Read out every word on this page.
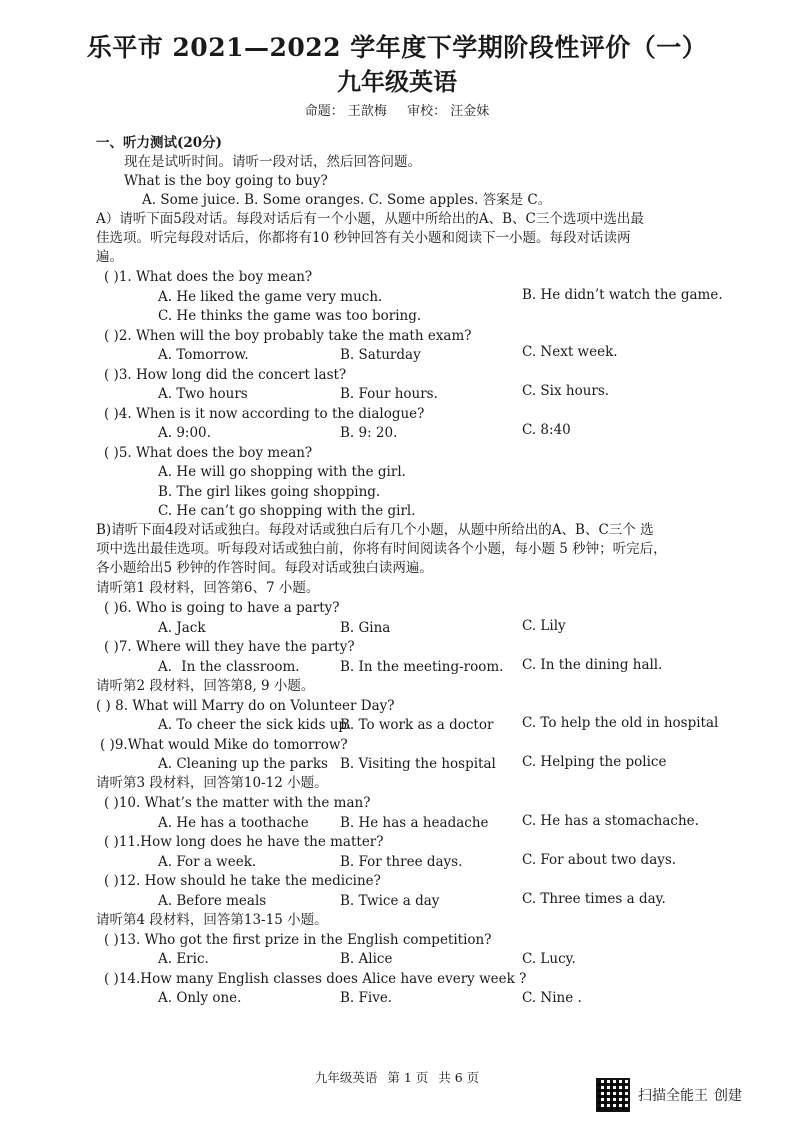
乐平市 2021—2022 学年度下学期阶段性评价（一）
九年级英语
命题： 王歆梅 审校： 汪金妹
一、听力测试(20分)
现在是试听时间。请听一段对话，然后回答问题。
What is the boy going to buy?
A. Some juice. B. Some oranges. C. Some apples. 答案是 C。
A）请听下面5段对话。每段对话后有一个小题，从题中所给出的A、B、C三个选项中选出最
佳选项。听完每段对话后，你都将有10 秒钟回答有关小题和阅读下一小题。每段对话读两
遍。
( )1. What does the boy mean?
A. He liked the game very much.	B. He didn’t watch the game.
C. He thinks the game was too boring.
( )2. When will the boy probably take the math exam?
A. Tomorrow.	B. Saturday	C. Next week.
( )3. How long did the concert last?
A. Two hours	B. Four hours.	C. Six hours.
( )4. When is it now according to the dialogue?
A. 9:00.	B. 9: 20.	C. 8:40
( )5. What does the boy mean?
A. He will go shopping with the girl.
B. The girl likes going shopping.
C. He can’t go shopping with the girl.
B)请听下面4段对话或独白。每段对话或独白后有几个小题，从题中所给出的A、B、C三个 选
项中选出最佳选项。听每段对话或独白前，你将有时间阅读各个小题，每小题 5 秒钟；听完后，
各小题给出5 秒钟的作答时间。每段对话或独白读两遍。
请听第1 段材料，回答第6、7 小题。
( )6. Who is going to have a party?
A. Jack	B. Gina	C. Lily
( )7. Where will they have the party?
A．In the classroom.	B. In the meeting-room. C. In the dining hall.
请听第2 段材料，回答第8, 9 小题。
( ) 8. What will Marry do on Volunteer Day?
A. To cheer the sick kids up.
B. To work as a doctor C. To help the old in hospital
( )9.What would Mike do tomorrow?
A. Cleaning up the parks B. Visiting the hospital C. Helping the police
请听第3 段材料，回答第10-12 小题。
( )10. What’s the matter with the man?
A. He has a toothache B. He has a headache C. He has a stomachache.
( )11.How long does he have the matter?
A. For a week.	B. For three days.	C. For about two days.
( )12. How should he take the medicine?
A. Before meals	B. Twice a day	C. Three times a day.
请听第4 段材料，回答第13-15 小题。
( )13. Who got the first prize in the English competition?
A. Eric.	B. Alice	C. Lucy.
( )14.How many English classes does Alice have every week ?
A. Only one.	B. Five.	C. Nine .
九年级英语 第 1 页 共 6 页
扫描全能王 创建
